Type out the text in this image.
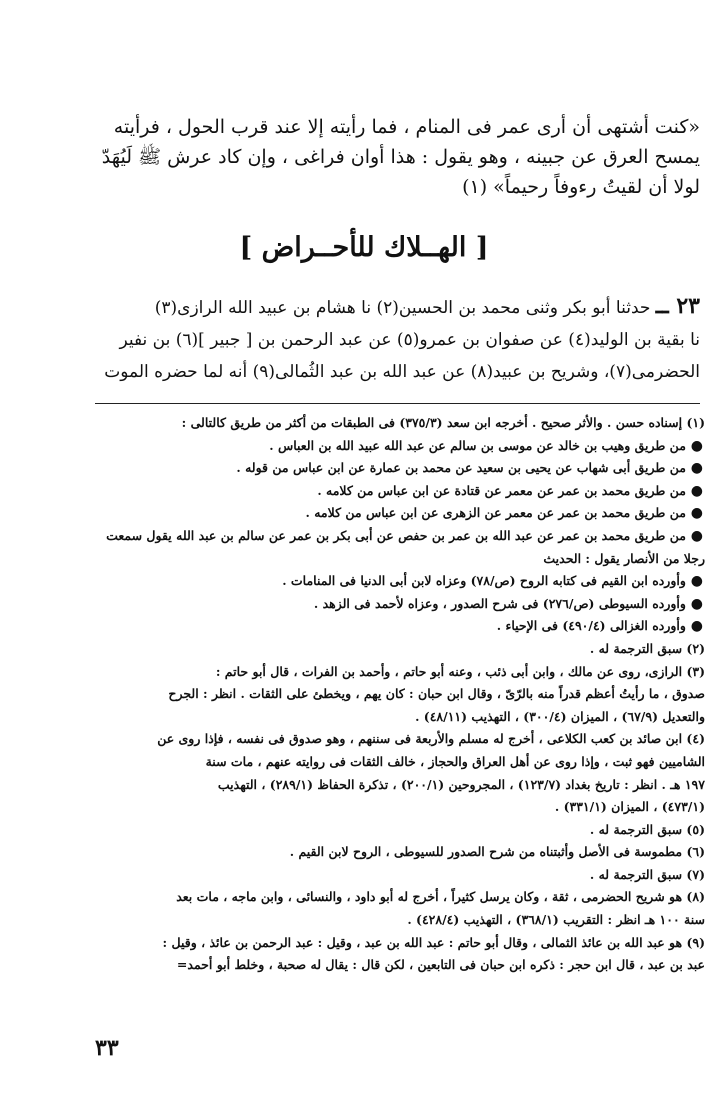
«كنت أشتهى أن أرى عمر فى المنام ، فما رأيته إلا عند قرب الحول ، فرأيته

يمسح العرق عن جبينه ، وهو يقول : هذا أوان فراغى ، وإن كاد عرش ﷺ لَيُهَدّ

لولا أن لقيتُ رءوفاً رحيماً» (١)

[ الهــلاك للأحــراض ]
٢٣ ــ حدثنا أبو بكر وثنى محمد بن الحسين(٢) نا هشام بن عبيد الله الرازى(٣)
نا بقية بن الوليد(٤) عن صفوان بن عمرو(٥) عن عبد الرحمن بن [ جبير ](٦) بن نفير
الحضرمى(٧)، وشريح بن عبيد(٨) عن عبد الله بن عبد الثُمالى(٩) أنه لما حضره الموت

(١) إسناده حسن . والأثر صحيح . أخرجه ابن سعد (٣٧٥/٣) فى الطبقات من أكثر من طريق كالتالى :

● من طريق وهيب بن خالد عن موسى بن سالم عن عبد الله عبيد الله بن العباس .

● من طريق أبى شهاب عن يحيى بن سعيد عن محمد بن عمارة عن ابن عباس من قوله .

● من طريق محمد بن عمر عن معمر عن قتادة عن ابن عباس من كلامه .

● من طريق محمد بن عمر عن معمر عن الزهرى عن ابن عباس من كلامه .

● من طريق محمد بن عمر عن عبد الله بن عمر بن حفص عن أبى بكر بن عمر عن سالم بن عبد الله يقول سمعت

رجلا من الأنصار يقول : الحديث

● وأورده ابن القيم فى كتابه الروح (ص/٧٨) وعزاه لابن أبى الدنيا فى المنامات .

● وأورده السيوطى (ص/٢٧٦) فى شرح الصدور ، وعزاه لأحمد فى الزهد .

● وأورده الغزالى (٤٩٠/٤) فى الإحياء .

(٢) سبق الترجمة له .

(٣) الرازى، روى عن مالك ، وابن أبى ذئب ، وعنه أبو حاتم ، وأحمد بن الفرات ، قال أبو حاتم :

صدوق ، ما رأيتُ أعظم قدراً منه بالرّىّ ، وقال ابن حبان : كان يهم ، ويخطئ على الثقات . انظر : الجرح

والتعديل (٦٧/٩) ، الميزان (٣٠٠/٤) ، التهذيب (٤٨/١١) .

(٤) ابن صائد بن كعب الكلاعى ، أخرج له مسلم والأربعة فى سننهم ، وهو صدوق فى نفسه ، فإذا روى عن

الشاميين فهو ثبت ، وإذا روى عن أهل العراق والحجاز ، خالف الثقات فى روايته عنهم ، مات سنة

١٩٧ هـ . انظر : تاريخ بغداد (١٢٣/٧) ، المجروحين (٢٠٠/١) ، تذكرة الحفاظ (٢٨٩/١) ، التهذيب

(٤٧٣/١) ، الميزان (٣٣١/١) .

(٥) سبق الترجمة له .

(٦) مطموسة فى الأصل وأثبتناه من شرح الصدور للسيوطى ، الروح لابن القيم .

(٧) سبق الترجمة له .

(٨) هو شريح الحضرمى ، ثقة ، وكان يرسل كثيراً ، أخرج له أبو داود ، والنسائى ، وابن ماجه ، مات بعد

سنة ١٠٠ هـ انظر : التقريب (٣٦٨/١) ، التهذيب (٤٢٨/٤) .

(٩) هو عبد الله بن عائذ الثمالى ، وقال أبو حاتم : عبد الله بن عبد ، وقيل : عبد الرحمن بن عائذ ، وقيل :

عبد بن عبد ، قال ابن حجر : ذكره ابن حبان فى التابعين ، لكن قال : يقال له صحبة ، وخلط أبو أحمد=

٣٣
